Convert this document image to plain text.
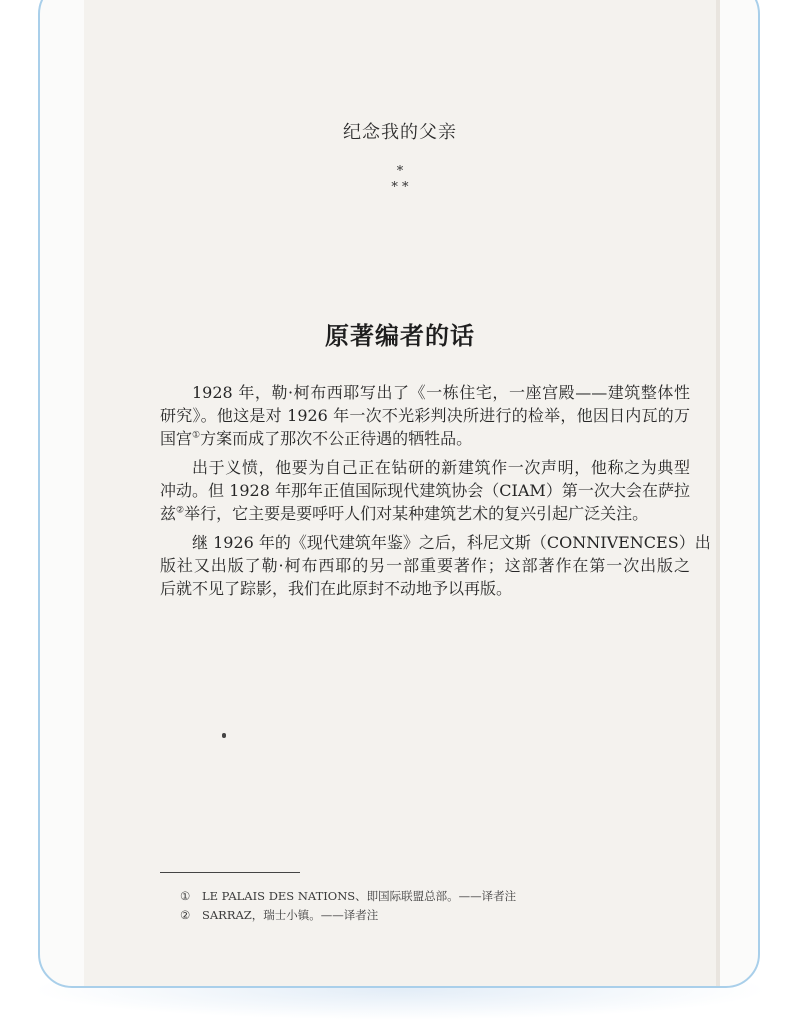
纪念我的父亲
*
* *
原著编者的话
1928 年，勒·柯布西耶写出了《一栋住宅，一座宫殿——建筑整体性
研究》。他这是对 1926 年一次不光彩判决所进行的检举，他因日内瓦的万
国宫①方案而成了那次不公正待遇的牺牲品。
出于义愤，他要为自己正在钻研的新建筑作一次声明，他称之为典型
冲动。但 1928 年那年正值国际现代建筑协会（CIAM）第一次大会在萨拉
兹②举行，它主要是要呼吁人们对某种建筑艺术的复兴引起广泛关注。
继 1926 年的《现代建筑年鉴》之后，科尼文斯（CONNIVENCES）出
版社又出版了勒·柯布西耶的另一部重要著作；这部著作在第一次出版之
后就不见了踪影，我们在此原封不动地予以再版。
① LE PALAIS DES NATIONS、即国际联盟总部。——译者注
② SARRAZ，瑞士小镇。——译者注
